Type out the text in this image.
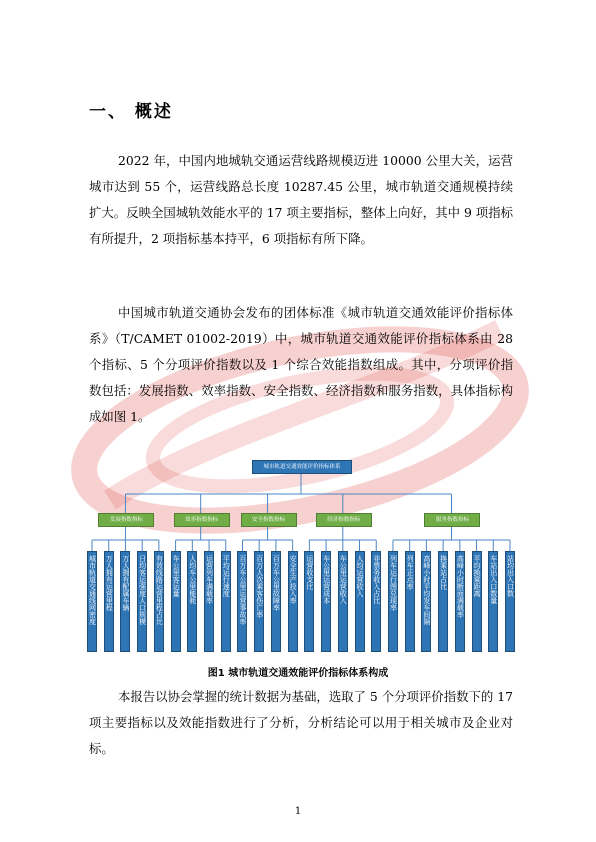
一、 概述

2022 年，中国内地城轨交通运营线路规模迈进 10000 公里大关，运营城市达到 55 个，运营线路总长度 10287.45 公里，城市轨道交通规模持续扩大。反映全国城轨效能水平的 17 项主要指标，整体上向好，其中 9 项指标有所提升，2 项指标基本持平，6 项指标有所下降。

中国城市轨道交通协会发布的团体标准《城市轨道交通效能评价指标体系》（T/CAMET 01002-2019）中，城市轨道交通效能评价指标体系由 28 个指标、5 个分项评价指数以及 1 个综合效能指数组成。其中，分项评价指数包括：发展指数、效率指数、安全指数、经济指数和服务指数，具体指标构成如图 1。

城市轨道交通效能评价指标体系
发展指数指标
城市轨道交通线网密度 万人拥有运营里程 万人拥有配属车辆 日均客运强度人口规模 有效线路运营里程占比
效率指数指标
车公里客运量 人均车公里能耗 运营列车满载率 平均运行速度
安全指数指标
百万车公里运营事故率 百万人次乘客伤亡率 百万车公里故障率 安全生产投入率
经济指数指标
运营收支比 车公里运营成本 车公里运营收入 人均运营收入 非票务收入占比
服务指数指标
列车运行图兑现率 列车正点率 高峰小时平均发车间隔 换乘站占比 高峰小时断面满载率 平均换乘距离 车站出入口数量 站均出入口数
图1 城市轨道交通效能评价指标体系构成

本报告以协会掌握的统计数据为基础，选取了 5 个分项评价指数下的 17 项主要指标以及效能指数进行了分析，分析结论可以用于相关城市及企业对标。

1
